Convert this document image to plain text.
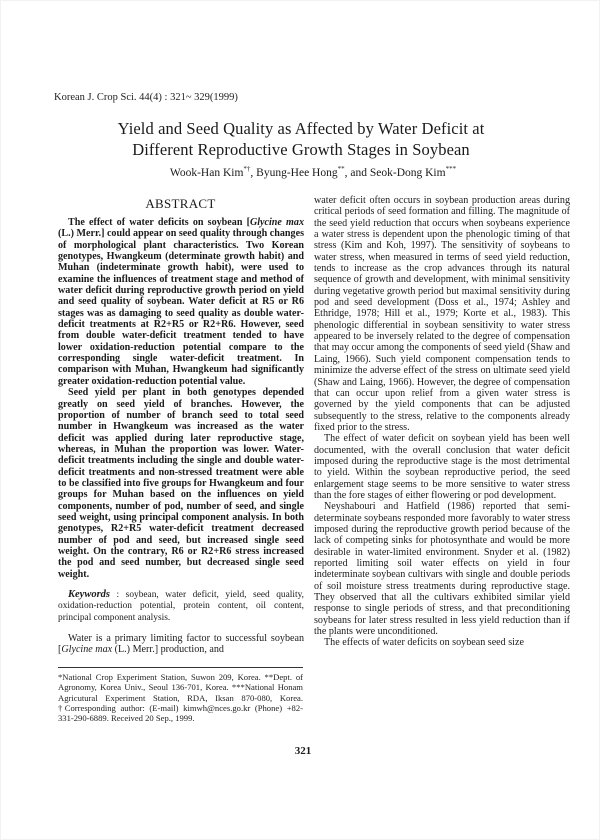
Korean J. Crop Sci. 44(4) : 321~ 329(1999)
Yield and Seed Quality as Affected by Water Deficit at
Different Reproductive Growth Stages in Soybean
Wook-Han Kim*†, Byung-Hee Hong**, and Seok-Dong Kim***
ABSTRACT

The effect of water deficits on soybean [Glycine max (L.) Merr.] could appear on seed quality through changes of morphological plant characteristics. Two Korean genotypes, Hwangkeum (determinate growth habit) and Muhan (indeterminate growth habit), were used to examine the influences of treatment stage and method of water deficit during reproductive growth period on yield and seed quality of soybean. Water deficit at R5 or R6 stages was as damaging to seed quality as double water-deficit treatments at R2+R5 or R2+R6. However, seed from double water-deficit treatment tended to have lower oxidation-reduction potential compare to the corresponding single water-deficit treatment. In comparison with Muhan, Hwangkeum had significantly greater oxidation-reduction potential value.

Seed yield per plant in both genotypes depended greatly on seed yield of branches. However, the proportion of number of branch seed to total seed number in Hwangkeum was increased as the water deficit was applied during later reproductive stage, whereas, in Muhan the proportion was lower. Water-deficit treatments including the single and double water-deficit treatments and non-stressed treatment were able to be classified into five groups for Hwangkeum and four groups for Muhan based on the influences on yield components, number of pod, number of seed, and single seed weight, using principal component analysis. In both genotypes, R2+R5 water-deficit treatment decreased number of pod and seed, but increased single seed weight. On the contrary, R6 or R2+R6 stress increased the pod and seed number, but decreased single seed weight.

Keywords : soybean, water deficit, yield, seed quality, oxidation-reduction potential, protein content, oil content, principal component analysis.

Water is a primary limiting factor to successful soybean [Glycine max (L.) Merr.] production, and

*National Crop Experiment Station, Suwon 209, Korea. **Dept. of Agronomy, Korea Univ., Seoul 136-701, Korea. ***National Honam Agricutural Experiment Station, RDA, Iksan 870-080, Korea. †Corresponding author: (E-mail) kimwh@nces.go.kr (Phone) +82-331-290-6889. Received 20 Sep., 1999.

water deficit often occurs in soybean production areas during critical periods of seed formation and filling. The magnitude of the seed yield reduction that occurs when soybeans experience a water stress is dependent upon the phenologic timing of that stress (Kim and Koh, 1997). The sensitivity of soybeans to water stress, when measured in terms of seed yield reduction, tends to increase as the crop advances through its natural sequence of growth and development, with minimal sensitivity during vegetative growth period but maximal sensitivity during pod and seed development (Doss et al., 1974; Ashley and Ethridge, 1978; Hill et al., 1979; Korte et al., 1983). This phenologic differential in soybean sensitivity to water stress appeared to be inversely related to the degree of compensation that may occur among the components of seed yield (Shaw and Laing, 1966). Such yield component compensation tends to minimize the adverse effect of the stress on ultimate seed yield (Shaw and Laing, 1966). However, the degree of compensation that can occur upon relief from a given water stress is governed by the yield components that can be adjusted subsequently to the stress, relative to the components already fixed prior to the stress.

The effect of water deficit on soybean yield has been well documented, with the overall conclusion that water deficit imposed during the reproductive stage is the most detrimental to yield. Within the soybean reproductive period, the seed enlargement stage seems to be more sensitive to water stress than the fore stages of either flowering or pod development.

Neyshabouri and Hatfield (1986) reported that semi-determinate soybeans responded more favorably to water stress imposed during the reproductive growth period because of the lack of competing sinks for photosynthate and would be more desirable in water-limited environment. Snyder et al. (1982) reported limiting soil water effects on yield in four indeterminate soybean cultivars with single and double periods of soil moisture stress treatments during reproductive stage. They observed that all the cultivars exhibited similar yield response to single periods of stress, and that preconditioning soybeans for later stress resulted in less yield reduction than if the plants were unconditioned.

The effects of water deficits on soybean seed size

321
